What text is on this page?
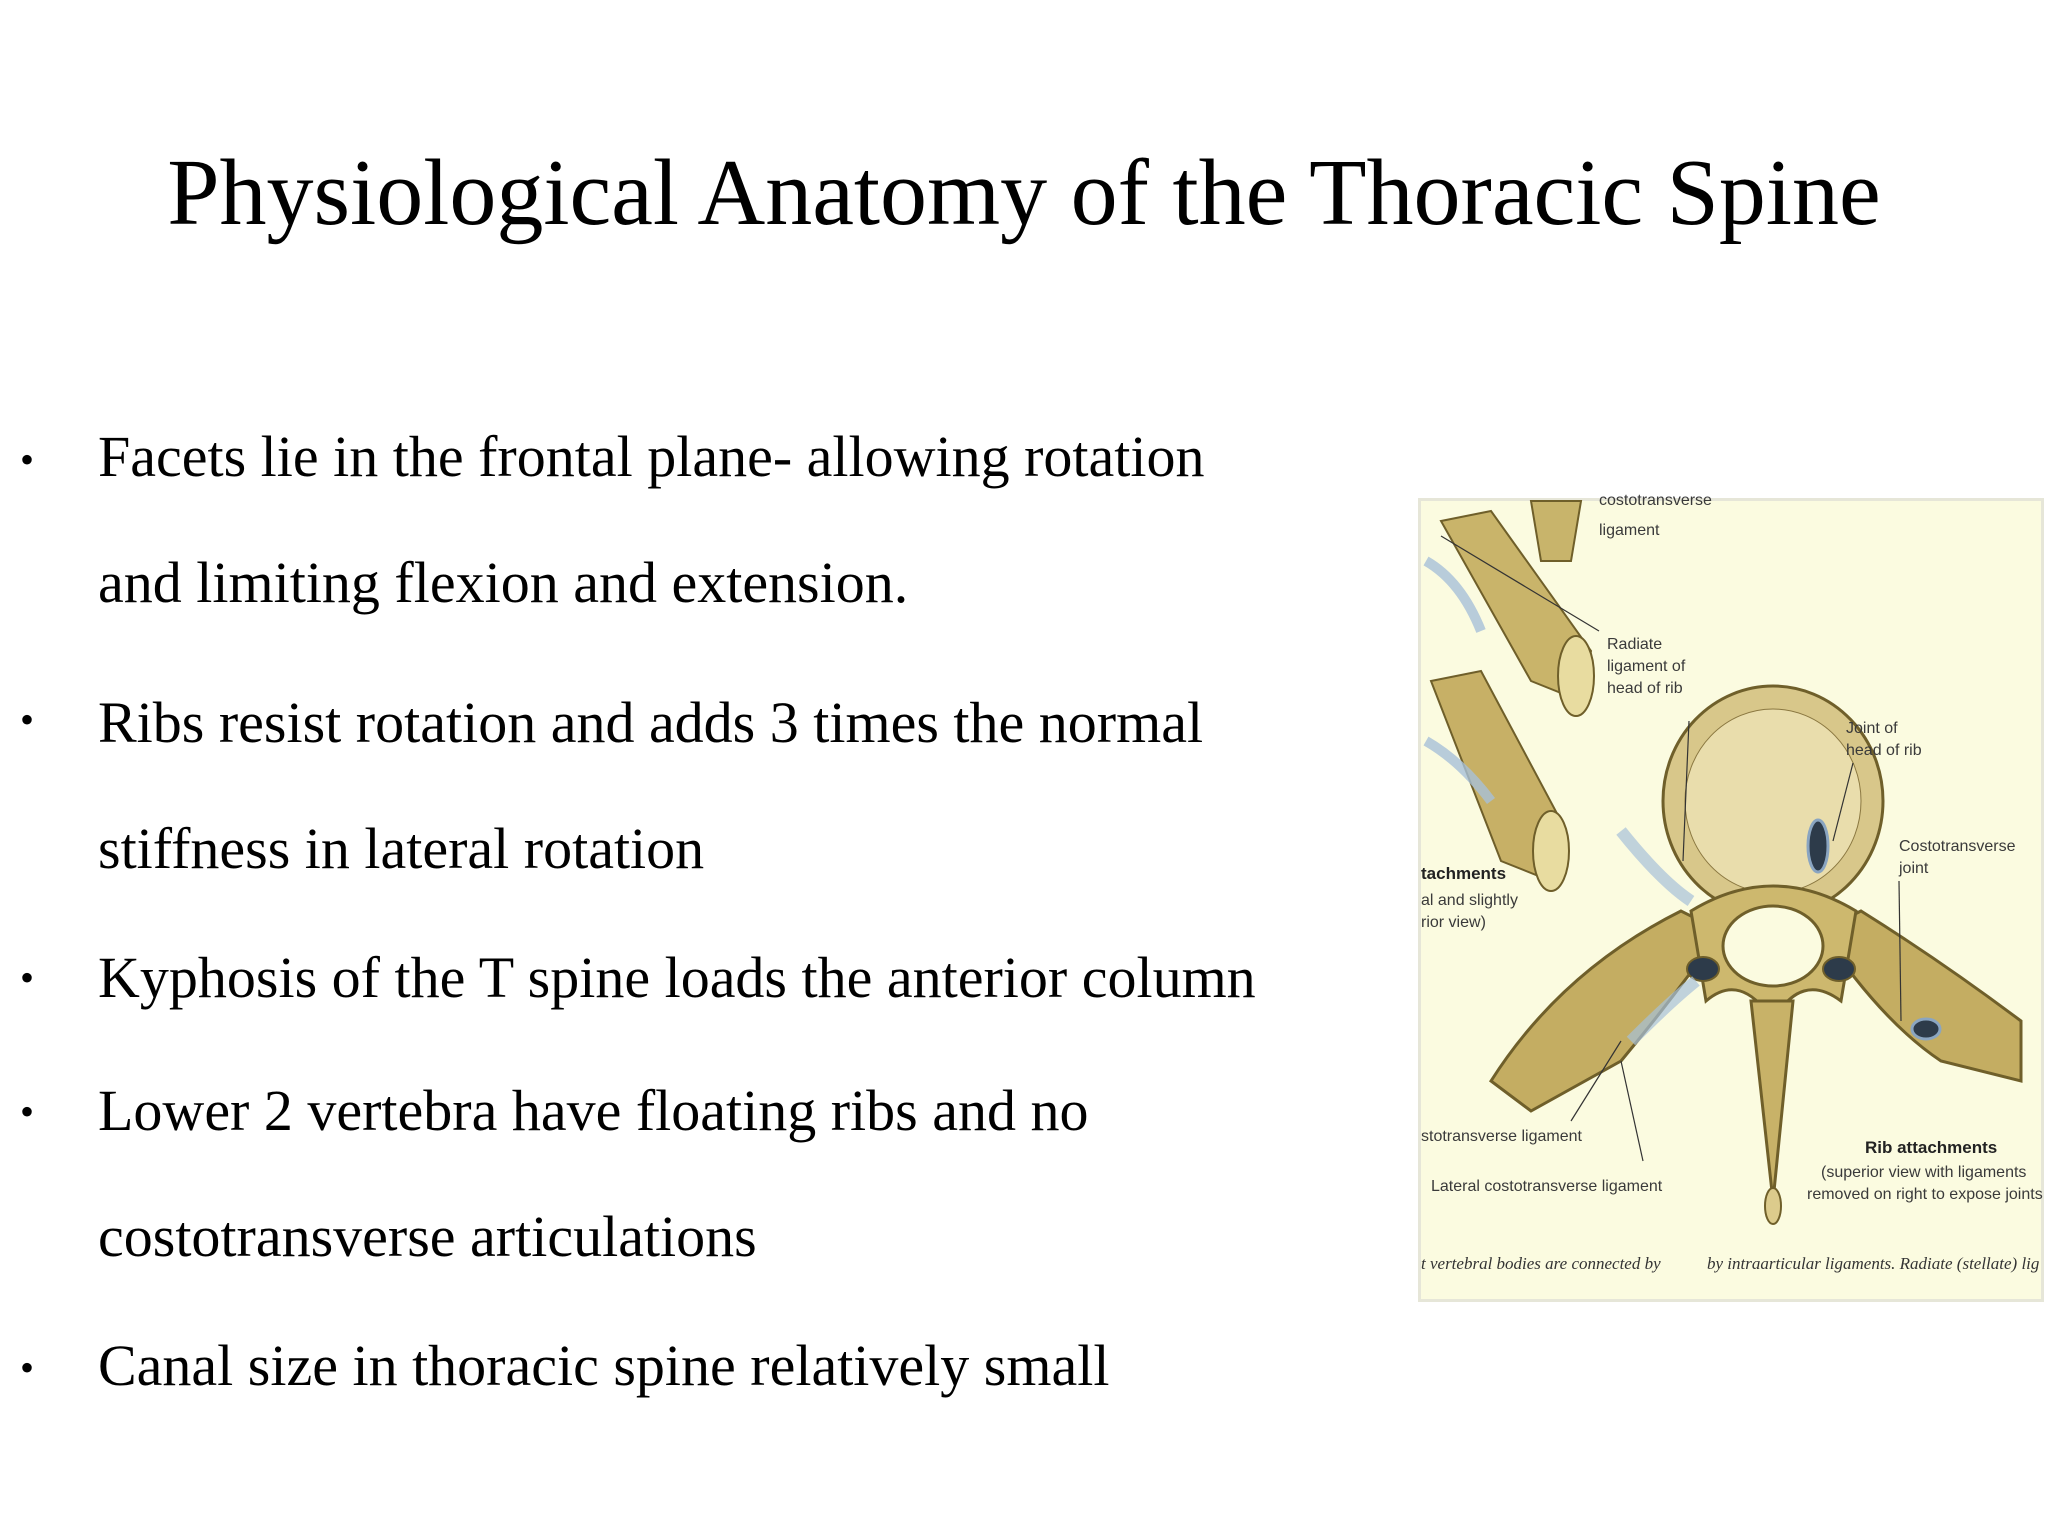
Physiological Anatomy of the Thoracic Spine
• Facets lie in the frontal plane- allowing rotation
and limiting flexion and extension.
• Ribs resist rotation and adds 3 times the normal
stiffness in lateral rotation
• Kyphosis of the T spine loads the anterior column
• Lower 2 vertebra have floating ribs and no
costotransverse articulations
• Canal size in thoracic spine relatively small
costotransverse
ligament
Radiate
ligament of
head of rib
Joint of
head of rib
Costotransverse
joint
tachments
al and slightly
rior view)
stotransverse ligament
Lateral costotransverse ligament
Rib attachments
(superior view with ligaments
removed on right to expose joints
t vertebral bodies are connected by	by intraarticular ligaments. Radiate (stellate) lig
